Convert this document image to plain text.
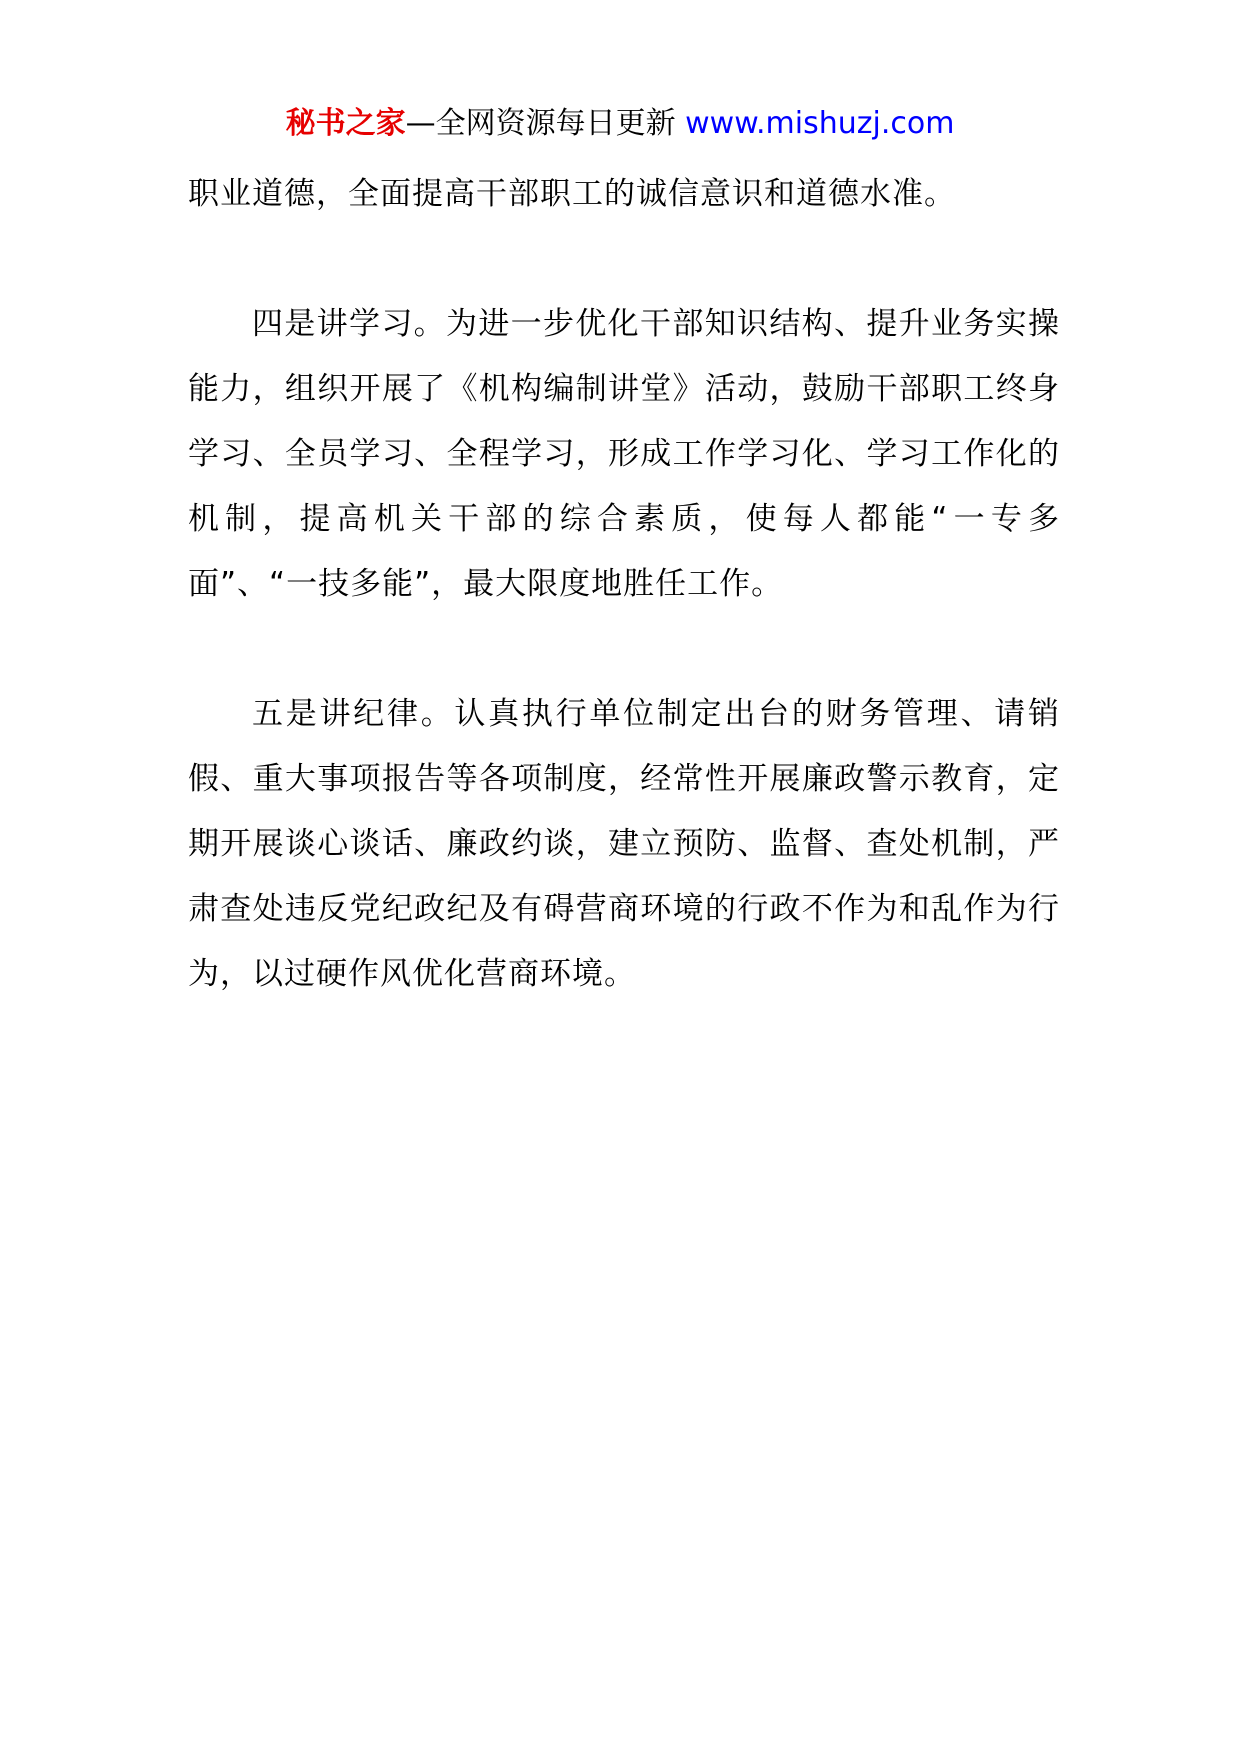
秘书之家—全网资源每日更新 www.mishuzj.com

职业道德，全面提高干部职工的诚信意识和道德水准。

四是讲学习。为进一步优化干部知识结构、提升业务实操能力，组织开展了《机构编制讲堂》活动，鼓励干部职工终身学习、全员学习、全程学习，形成工作学习化、学习工作化的机制，提高机关干部的综合素质，使每人都能“一专多面”、“一技多能”，最大限度地胜任工作。

五是讲纪律。认真执行单位制定出台的财务管理、请销假、重大事项报告等各项制度，经常性开展廉政警示教育，定期开展谈心谈话、廉政约谈，建立预防、监督、查处机制，严肃查处违反党纪政纪及有碍营商环境的行政不作为和乱作为行为，以过硬作风优化营商环境。
